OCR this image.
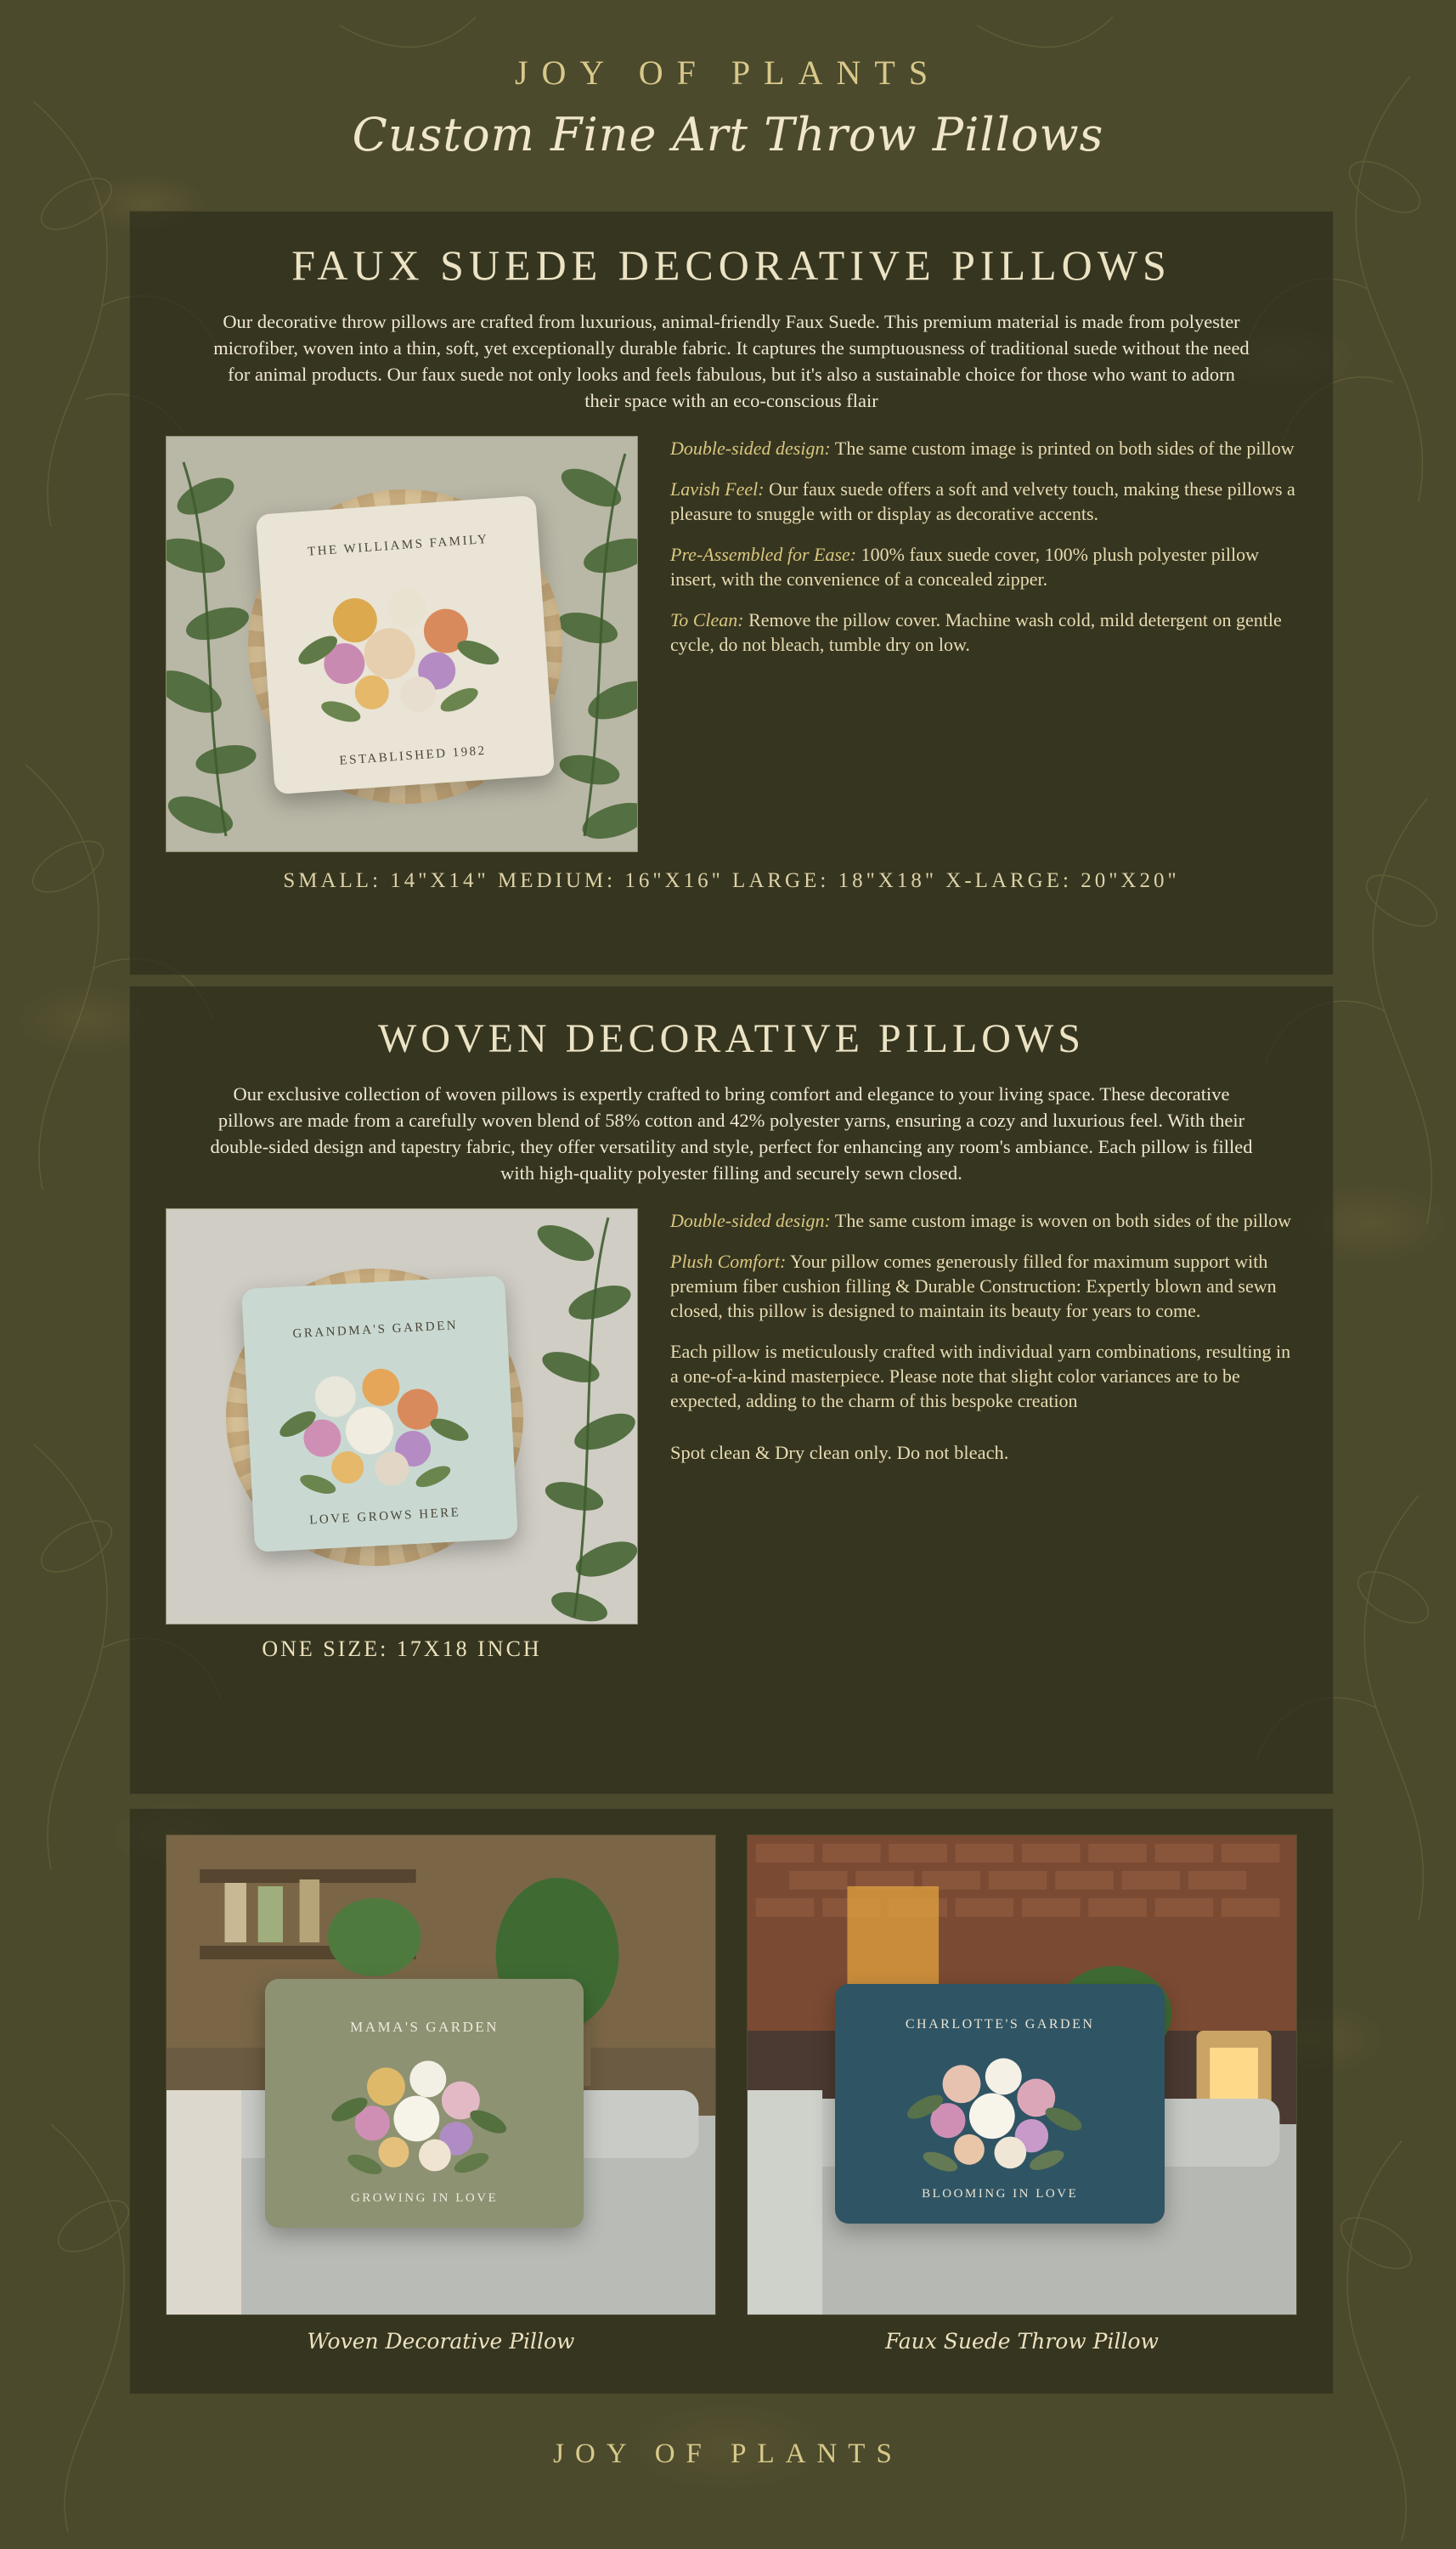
JOY OF PLANTS
Custom Fine Art Throw Pillows
FAUX SUEDE DECORATIVE PILLOWS
Our decorative throw pillows are crafted from luxurious, animal-friendly Faux Suede. This premium material is made from polyester microfiber, woven into a thin, soft, yet exceptionally durable fabric. It captures the sumptuousness of traditional suede without the need for animal products. Our faux suede not only looks and feels fabulous, but it's also a sustainable choice for those who want to adorn their space with an eco-conscious flair
THE WILLIAMS FAMILY
ESTABLISHED 1982
Double-sided design: The same custom image is printed on both sides of the pillow
Lavish Feel: Our faux suede offers a soft and velvety touch, making these pillows a pleasure to snuggle with or display as decorative accents.
Pre-Assembled for Ease: 100% faux suede cover, 100% plush polyester pillow insert, with the convenience of a concealed zipper.
To Clean: Remove the pillow cover. Machine wash cold, mild detergent on gentle cycle, do not bleach, tumble dry on low.
SMALL: 14"X14" MEDIUM: 16"X16" LARGE: 18"X18" X-LARGE: 20"X20"
WOVEN DECORATIVE PILLOWS
Our exclusive collection of woven pillows is expertly crafted to bring comfort and elegance to your living space. These decorative pillows are made from a carefully woven blend of 58% cotton and 42% polyester yarns, ensuring a cozy and luxurious feel. With their double-sided design and tapestry fabric, they offer versatility and style, perfect for enhancing any room's ambiance. Each pillow is filled with high-quality polyester filling and securely sewn closed.
GRANDMA'S GARDEN
LOVE GROWS HERE
ONE SIZE: 17X18 INCH
Double-sided design: The same custom image is woven on both sides of the pillow
Plush Comfort: Your pillow comes generously filled for maximum support with premium fiber cushion filling & Durable Construction: Expertly blown and sewn closed, this pillow is designed to maintain its beauty for years to come.
Each pillow is meticulously crafted with individual yarn combinations, resulting in a one-of-a-kind masterpiece. Please note that slight color variances are to be expected, adding to the charm of this bespoke creation
Spot clean & Dry clean only. Do not bleach.
MAMA'S GARDEN
GROWING IN LOVE
Woven Decorative Pillow
CHARLOTTE'S GARDEN
BLOOMING IN LOVE
Faux Suede Throw Pillow
JOY OF PLANTS
